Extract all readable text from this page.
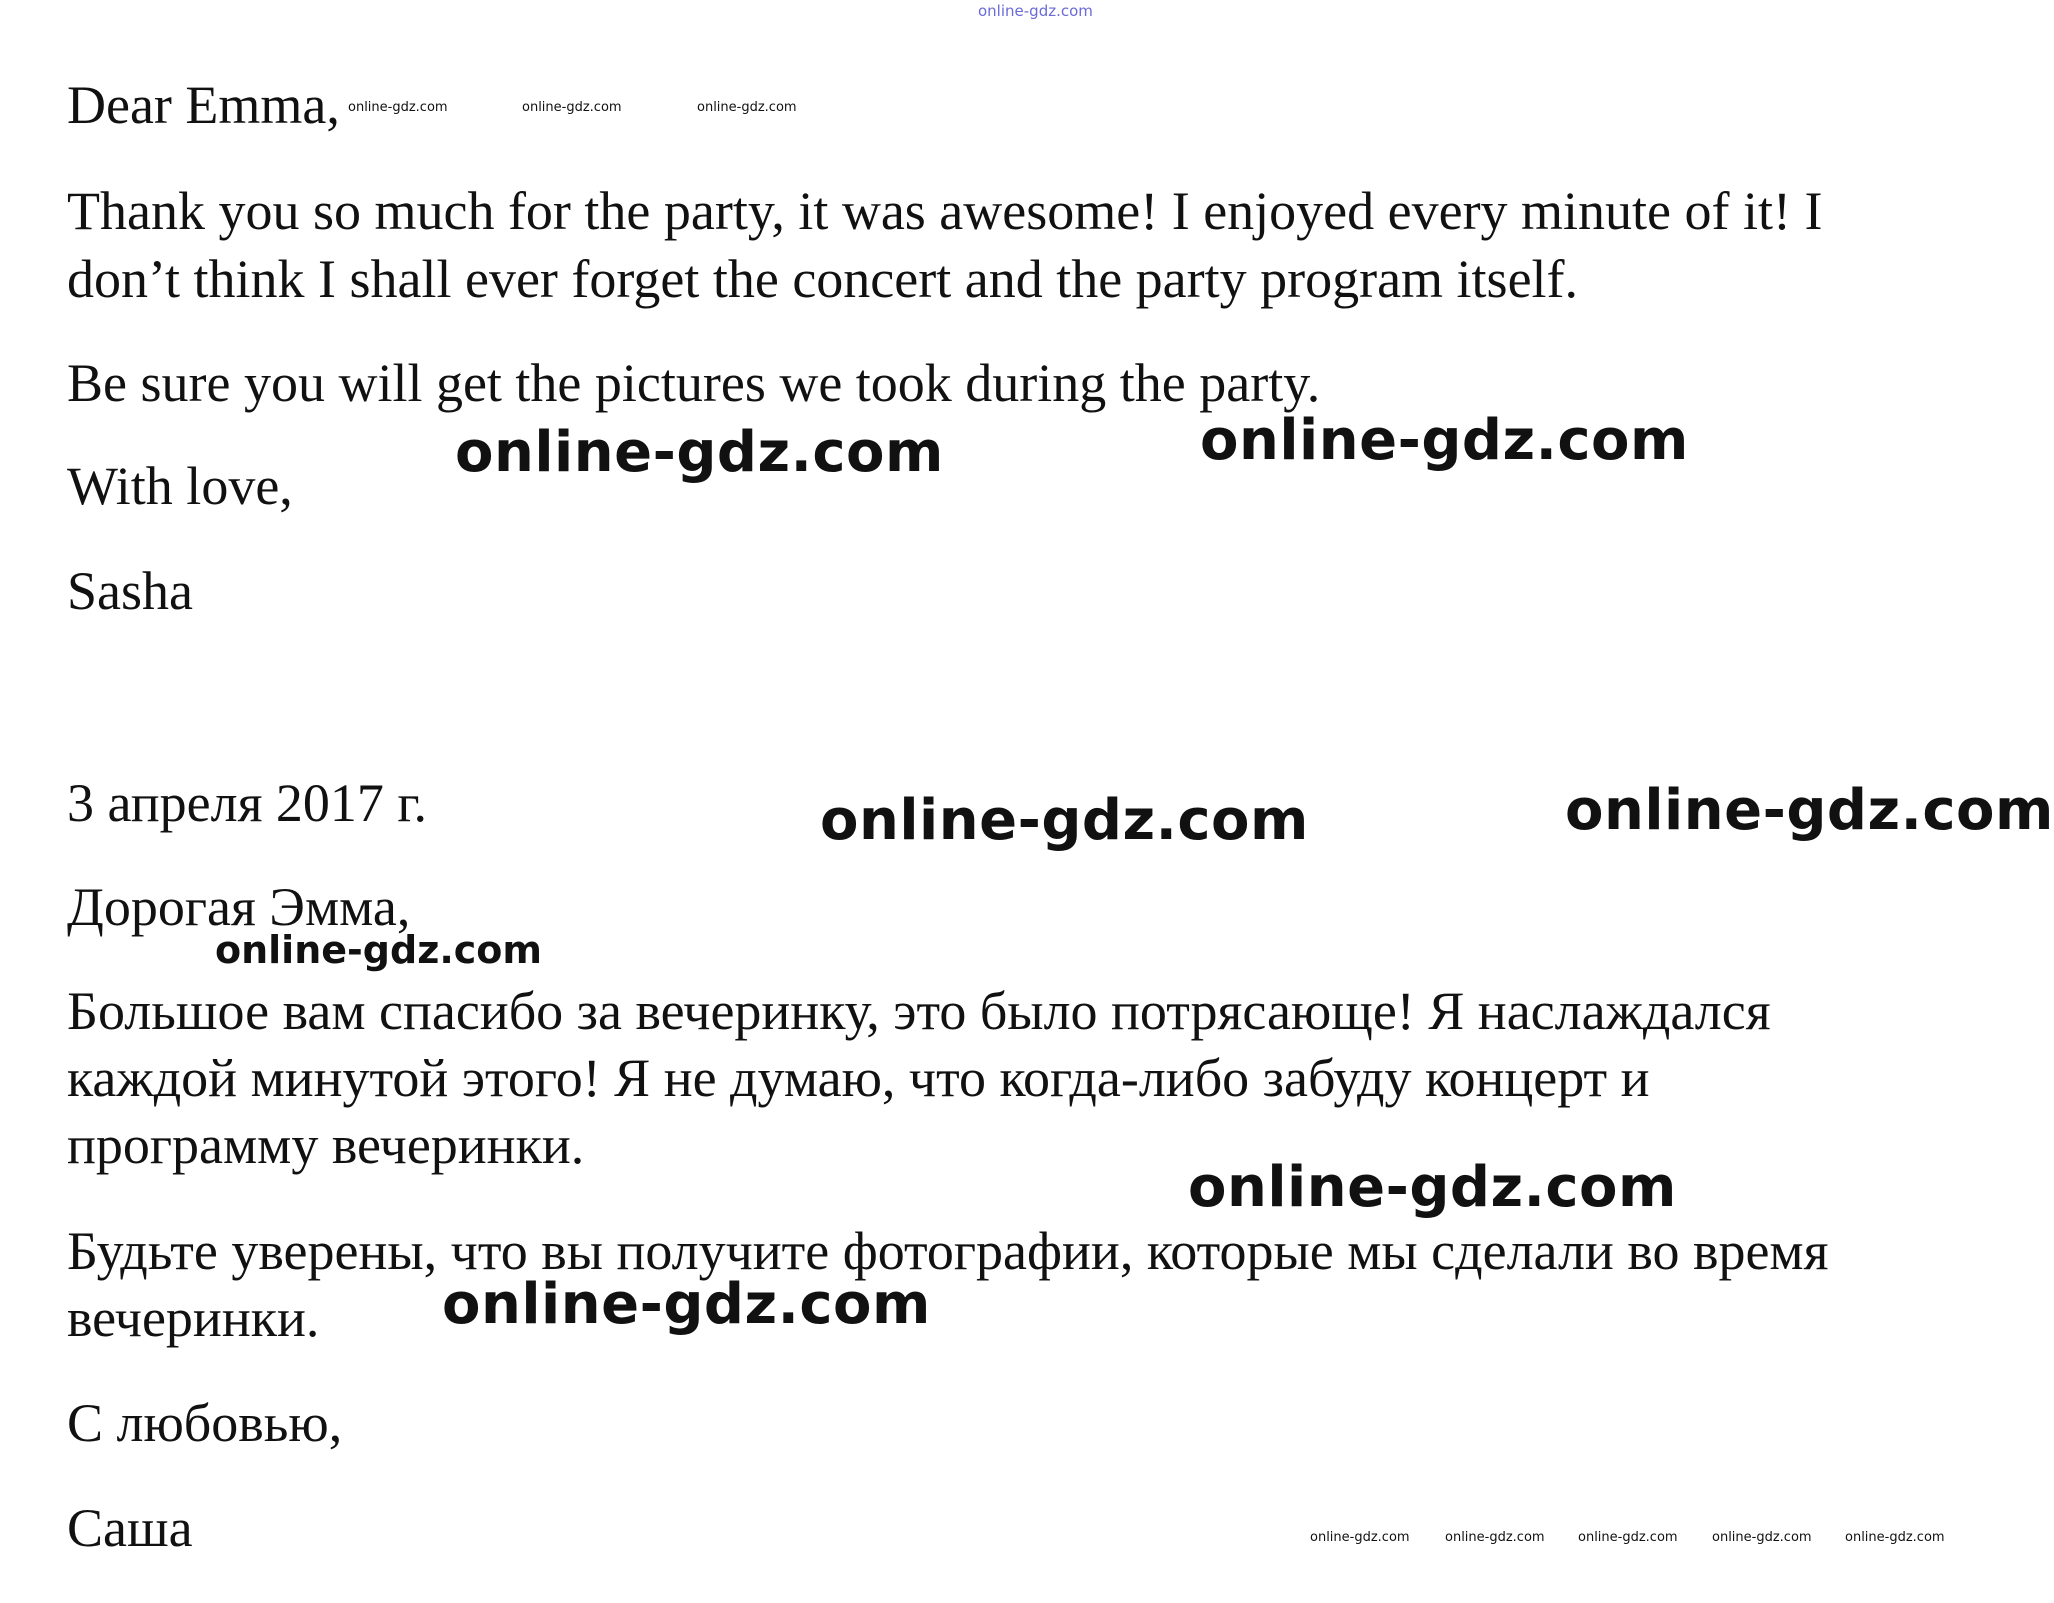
online-gdz.com

Dear Emma, online-gdz.com	online-gdz.com	online-gdz.com

Thank you so much for the party, it was awesome! I enjoyed every minute of it! I

don’t think I shall ever forget the concert and the party program itself.

Be sure you will get the pictures we took during the party.

online-gdz.com	online-gdz.com

With love,

Sasha

3 апреля 2017 г.	online-gdz.com	online-gdz.com

Дорогая Эмма,

online-gdz.com

Большое вам спасибо за вечеринку, это было потрясающе! Я наслаждался

каждой минутой этого! Я не думаю, что когда-либо забуду концерт и

программу вечеринки.

online-gdz.com

Будьте уверены, что вы получите фотографии, которые мы сделали во время

вечеринки. online-gdz.com

С любовью,

Саша	online-gdz.com	online-gdz.com	online-gdz.com	online-gdz.com	online-gdz.com
